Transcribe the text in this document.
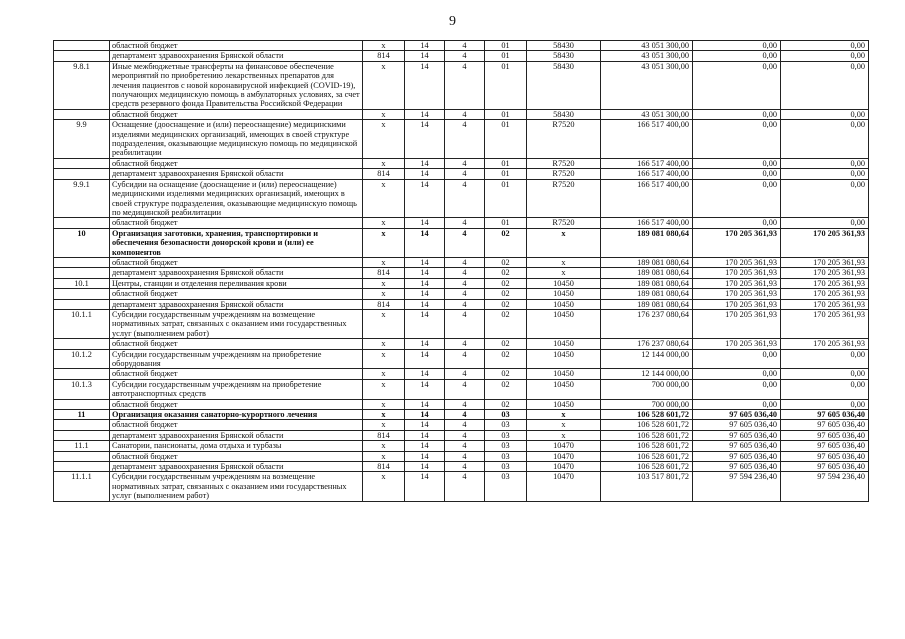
9
	областной бюджет	х	14	4	01	58430	43 051 300,00	0,00	0,00
	департамент здравоохранения Брянской области	814	14	4	01	58430	43 051 300,00	0,00	0,00
9.8.1	Иные межбюджетные трансферты на финансовое обеспечение мероприятий по приобретению лекарственных препаратов для лечения пациентов с новой коронавирусной инфекцией (COVID-19), получающих медицинскую помощь в амбулаторных условиях, за счет средств резервного фонда Правительства Российской Федерации	х	14	4	01	58430	43 051 300,00	0,00	0,00
	областной бюджет	х	14	4	01	58430	43 051 300,00	0,00	0,00
9.9	Оснащение (дооснащение и (или) переоснащение) медицинскими изделиями медицинских организаций, имеющих в своей структуре подразделения, оказывающие медицинскую помощь по медицинской реабилитации	х	14	4	01	R7520	166 517 400,00	0,00	0,00
	областной бюджет	х	14	4	01	R7520	166 517 400,00	0,00	0,00
	департамент здравоохранения Брянской области	814	14	4	01	R7520	166 517 400,00	0,00	0,00
9.9.1	Субсидии на оснащение (дооснащение и (или) переоснащение) медицинскими изделиями медицинских организаций, имеющих в своей структуре подразделения, оказывающие медицинскую помощь по медицинской реабилитации	х	14	4	01	R7520	166 517 400,00	0,00	0,00
	областной бюджет	х	14	4	01	R7520	166 517 400,00	0,00	0,00
10	Организация заготовки, хранения, транспортировки и обеспечения безопасности донорской крови и (или) ее компонентов	х	14	4	02	х	189 081 080,64	170 205 361,93	170 205 361,93
	областной бюджет	х	14	4	02	х	189 081 080,64	170 205 361,93	170 205 361,93
	департамент здравоохранения Брянской области	814	14	4	02	х	189 081 080,64	170 205 361,93	170 205 361,93
10.1	Центры, станции и отделения переливания крови	х	14	4	02	10450	189 081 080,64	170 205 361,93	170 205 361,93
	областной бюджет	х	14	4	02	10450	189 081 080,64	170 205 361,93	170 205 361,93
	департамент здравоохранения Брянской области	814	14	4	02	10450	189 081 080,64	170 205 361,93	170 205 361,93
10.1.1	Субсидии государственным учреждениям на возмещение нормативных затрат, связанных с оказанием ими государственных услуг (выполнением работ)	х	14	4	02	10450	176 237 080,64	170 205 361,93	170 205 361,93
	областной бюджет	х	14	4	02	10450	176 237 080,64	170 205 361,93	170 205 361,93
10.1.2	Субсидии государственным учреждениям на приобретение оборудования	х	14	4	02	10450	12 144 000,00	0,00	0,00
	областной бюджет	х	14	4	02	10450	12 144 000,00	0,00	0,00
10.1.3	Субсидии государственным учреждениям на приобретение автотранспортных средств	х	14	4	02	10450	700 000,00	0,00	0,00
	областной бюджет	х	14	4	02	10450	700 000,00	0,00	0,00
11	Организация оказания санаторно-курортного лечения	х	14	4	03	х	106 528 601,72	97 605 036,40	97 605 036,40
	областной бюджет	х	14	4	03	х	106 528 601,72	97 605 036,40	97 605 036,40
	департамент здравоохранения Брянской области	814	14	4	03	х	106 528 601,72	97 605 036,40	97 605 036,40
11.1	Санатории, пансионаты, дома отдыха и турбазы	х	14	4	03	10470	106 528 601,72	97 605 036,40	97 605 036,40
	областной бюджет	х	14	4	03	10470	106 528 601,72	97 605 036,40	97 605 036,40
	департамент здравоохранения Брянской области	814	14	4	03	10470	106 528 601,72	97 605 036,40	97 605 036,40
11.1.1	Субсидии государственным учреждениям на возмещение нормативных затрат, связанных с оказанием ими государственных услуг (выполнением работ)	х	14	4	03	10470	103 517 801,72	97 594 236,40	97 594 236,40
